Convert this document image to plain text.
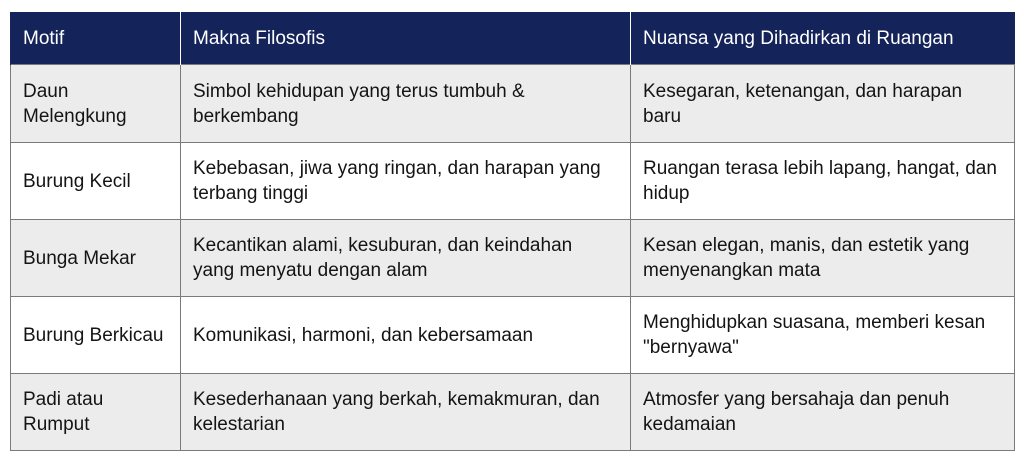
Motif	Makna Filosofis	Nuansa yang Dihadirkan di Ruangan
Daun Melengkung	Simbol kehidupan yang terus tumbuh & berkembang	Kesegaran, ketenangan, dan harapan baru
Burung Kecil	Kebebasan, jiwa yang ringan, dan harapan yang terbang tinggi	Ruangan terasa lebih lapang, hangat, dan hidup
Bunga Mekar	Kecantikan alami, kesuburan, dan keindahan yang menyatu dengan alam	Kesan elegan, manis, dan estetik yang menyenangkan mata
Burung Berkicau	Komunikasi, harmoni, dan kebersamaan	Menghidupkan suasana, memberi kesan "bernyawa"
Padi atau Rumput	Kesederhanaan yang berkah, kemakmuran, dan kelestarian	Atmosfer yang bersahaja dan penuh kedamaian
